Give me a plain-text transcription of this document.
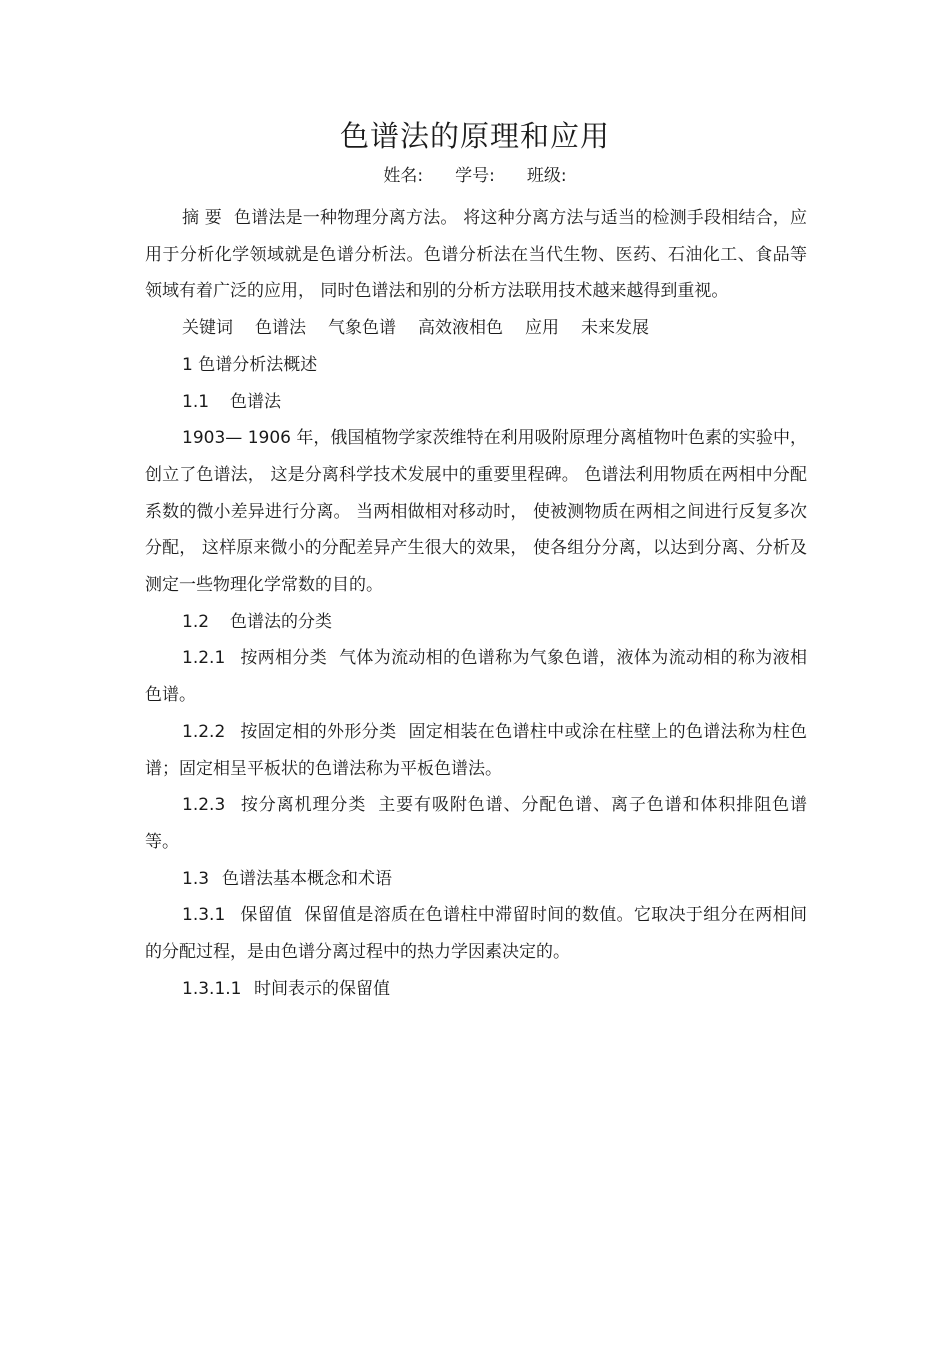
色谱法的原理和应用
姓名: 学号: 班级:

摘 要 色谱法是一种物理分离方法。 将这种分离方法与适当的检测手段相结合，应用于分析化学领域就是色谱分析法。色谱分析法在当代生物、医药、石油化工、食品等领域有着广泛的应用， 同时色谱法和别的分析方法联用技术越来越得到重视。

关键词 色谱法 气象色谱 高效液相色 应用 未来发展

1 色谱分析法概述

1.1 色谱法

1903— 1906 年，俄国植物学家茨维特在利用吸附原理分离植物叶色素的实验中，创立了色谱法， 这是分离科学技术发展中的重要里程碑。 色谱法利用物质在两相中分配系数的微小差异进行分离。 当两相做相对移动时， 使被测物质在两相之间进行反复多次分配， 这样原来微小的分配差异产生很大的效果， 使各组分分离，以达到分离、分析及测定一些物理化学常数的目的。

1.2 色谱法的分类

1.2.1 按两相分类 气体为流动相的色谱称为气象色谱，液体为流动相的称为液相色谱。

1.2.2 按固定相的外形分类 固定相装在色谱柱中或涂在柱壁上的色谱法称为柱色谱；固定相呈平板状的色谱法称为平板色谱法。

1.2.3 按分离机理分类 主要有吸附色谱、分配色谱、离子色谱和体积排阻色谱等。

1.3 色谱法基本概念和术语

1.3.1 保留值 保留值是溶质在色谱柱中滞留时间的数值。它取决于组分在两相间的分配过程，是由色谱分离过程中的热力学因素决定的。

1.3.1.1 时间表示的保留值
